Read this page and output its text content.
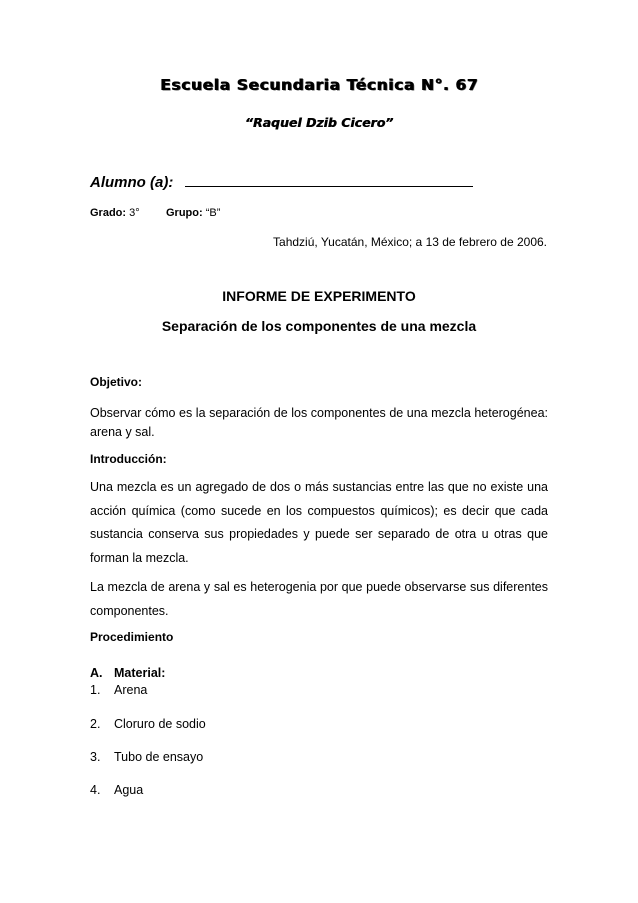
Escuela Secundaria Técnica N°. 67
“Raquel Dzib Cicero”
Alumno (a):
Grado: 3° Grupo: “B”
Tahdziú, Yucatán, México; a 13 de febrero de 2006.
INFORME DE EXPERIMENTO
Separación de los componentes de una mezcla
Objetivo:
Observar cómo es la separación de los componentes de una mezcla heterogénea: arena y sal.
Introducción:
Una mezcla es un agregado de dos o más sustancias entre las que no existe una acción química (como sucede en los compuestos químicos); es decir que cada sustancia conserva sus propiedades y puede ser separado de otra u otras que forman la mezcla.
La mezcla de arena y sal es heterogenia por que puede observarse sus diferentes componentes.
Procedimiento
A. Material:
1. Arena
2. Cloruro de sodio
3. Tubo de ensayo
4. Agua
